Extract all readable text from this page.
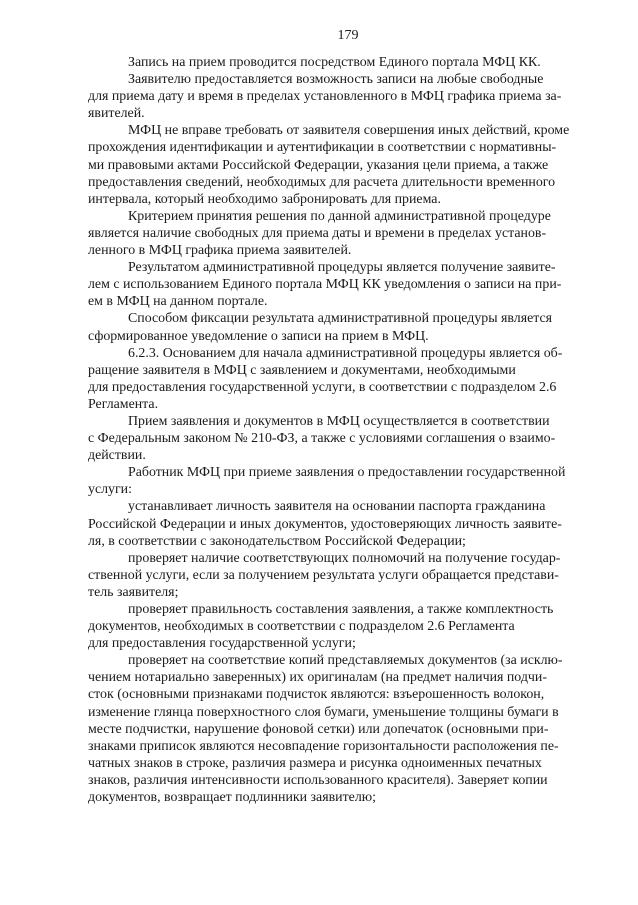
179

Запись на прием проводится посредством Единого портала МФЦ КК.

Заявителю предоставляется возможность записи на любые свободные
для приема дату и время в пределах установленного в МФЦ графика приема за-
явителей.

МФЦ не вправе требовать от заявителя совершения иных действий, кроме
прохождения идентификации и аутентификации в соответствии с нормативны-
ми правовыми актами Российской Федерации, указания цели приема, а также
предоставления сведений, необходимых для расчета длительности временного
интервала, который необходимо забронировать для приема.

Критерием принятия решения по данной административной процедуре
является наличие свободных для приема даты и времени в пределах установ-
ленного в МФЦ графика приема заявителей.

Результатом административной процедуры является получение заявите-
лем с использованием Единого портала МФЦ КК уведомления о записи на при-
ем в МФЦ на данном портале.

Способом фиксации результата административной процедуры является
сформированное уведомление о записи на прием в МФЦ.

6.2.3. Основанием для начала административной процедуры является об-
ращение заявителя в МФЦ с заявлением и документами, необходимыми
для предоставления государственной услуги, в соответствии с подразделом 2.6
Регламента.

Прием заявления и документов в МФЦ осуществляется в соответствии
с Федеральным законом № 210-ФЗ, а также с условиями соглашения о взаимо-
действии.

Работник МФЦ при приеме заявления о предоставлении государственной
услуги:

устанавливает личность заявителя на основании паспорта гражданина
Российской Федерации и иных документов, удостоверяющих личность заявите-
ля, в соответствии с законодательством Российской Федерации;

проверяет наличие соответствующих полномочий на получение государ-
ственной услуги, если за получением результата услуги обращается представи-
тель заявителя;

проверяет правильность составления заявления, а также комплектность
документов, необходимых в соответствии с подразделом 2.6 Регламента
для предоставления государственной услуги;

проверяет на соответствие копий представляемых документов (за исклю-
чением нотариально заверенных) их оригиналам (на предмет наличия подчи-
сток (основными признаками подчисток являются: взъерошенность волокон,
изменение глянца поверхностного слоя бумаги, уменьшение толщины бумаги в
месте подчистки, нарушение фоновой сетки) или допечаток (основными при-
знаками приписок являются несовпадение горизонтальности расположения пе-
чатных знаков в строке, различия размера и рисунка одноименных печатных
знаков, различия интенсивности использованного красителя). Заверяет копии
документов, возвращает подлинники заявителю;
